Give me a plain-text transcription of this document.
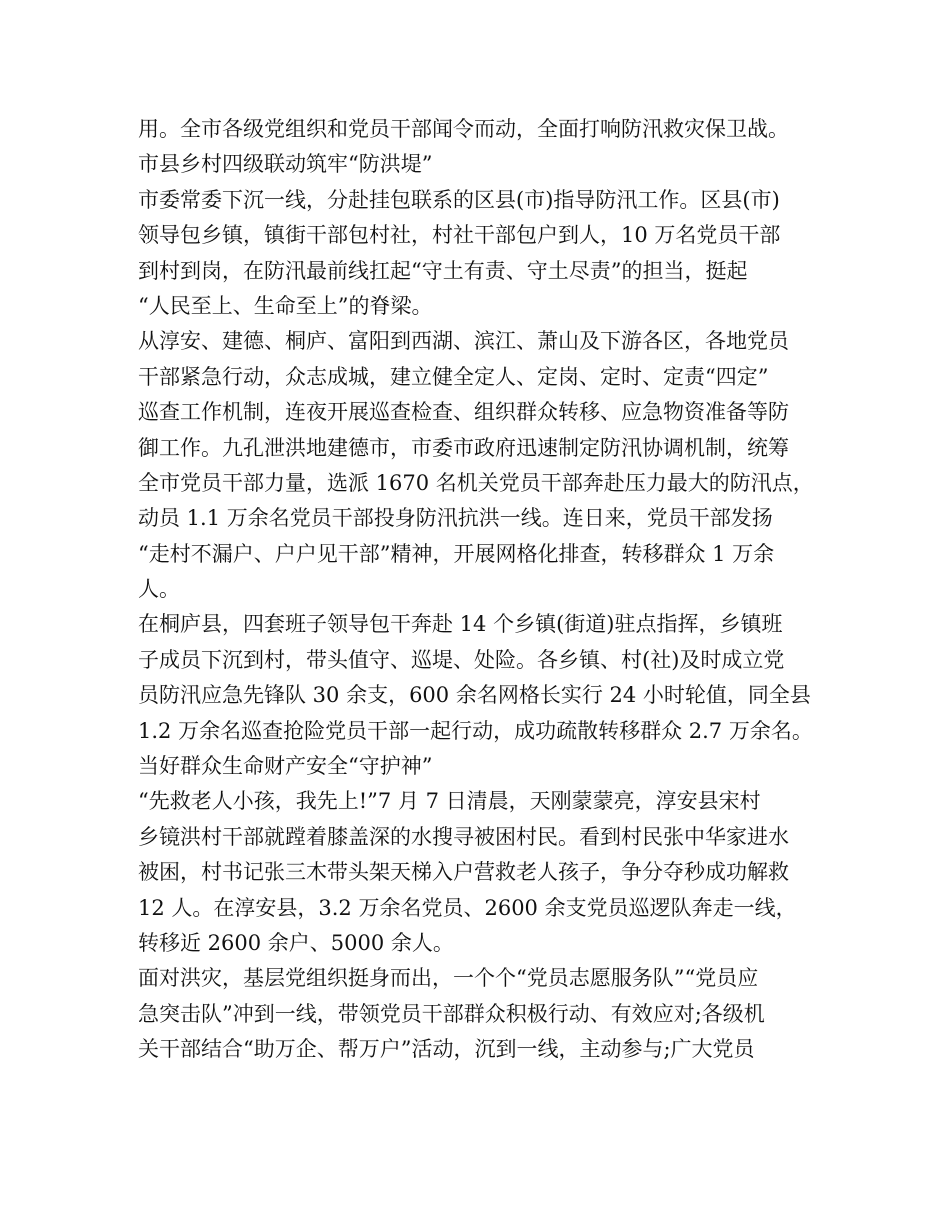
用。全市各级党组织和党员干部闻令而动，全面打响防汛救灾保卫战。
市县乡村四级联动筑牢“防洪堤”
市委常委下沉一线，分赴挂包联系的区县(市)指导防汛工作。区县(市)
领导包乡镇，镇街干部包村社，村社干部包户到人，10 万名党员干部
到村到岗，在防汛最前线扛起“守土有责、守土尽责”的担当，挺起
“人民至上、生命至上”的脊梁。
从淳安、建德、桐庐、富阳到西湖、滨江、萧山及下游各区，各地党员
干部紧急行动，众志成城，建立健全定人、定岗、定时、定责“四定”
巡查工作机制，连夜开展巡查检查、组织群众转移、应急物资准备等防
御工作。九孔泄洪地建德市，市委市政府迅速制定防汛协调机制，统筹
全市党员干部力量，选派 1670 名机关党员干部奔赴压力最大的防汛点，
动员 1.1 万余名党员干部投身防汛抗洪一线。连日来，党员干部发扬
“走村不漏户、户户见干部”精神，开展网格化排查，转移群众 1 万余
人。
在桐庐县，四套班子领导包干奔赴 14 个乡镇(街道)驻点指挥，乡镇班
子成员下沉到村，带头值守、巡堤、处险。各乡镇、村(社)及时成立党
员防汛应急先锋队 30 余支，600 余名网格长实行 24 小时轮值，同全县
1.2 万余名巡查抢险党员干部一起行动，成功疏散转移群众 2.7 万余名。
当好群众生命财产安全“守护神”
“先救老人小孩，我先上!”7 月 7 日清晨，天刚蒙蒙亮，淳安县宋村
乡镜洪村干部就蹚着膝盖深的水搜寻被困村民。看到村民张中华家进水
被困，村书记张三木带头架天梯入户营救老人孩子，争分夺秒成功解救
12 人。在淳安县，3.2 万余名党员、2600 余支党员巡逻队奔走一线，
转移近 2600 余户、5000 余人。
面对洪灾，基层党组织挺身而出，一个个“党员志愿服务队”“党员应
急突击队”冲到一线，带领党员干部群众积极行动、有效应对;各级机
关干部结合“助万企、帮万户”活动，沉到一线，主动参与;广大党员
